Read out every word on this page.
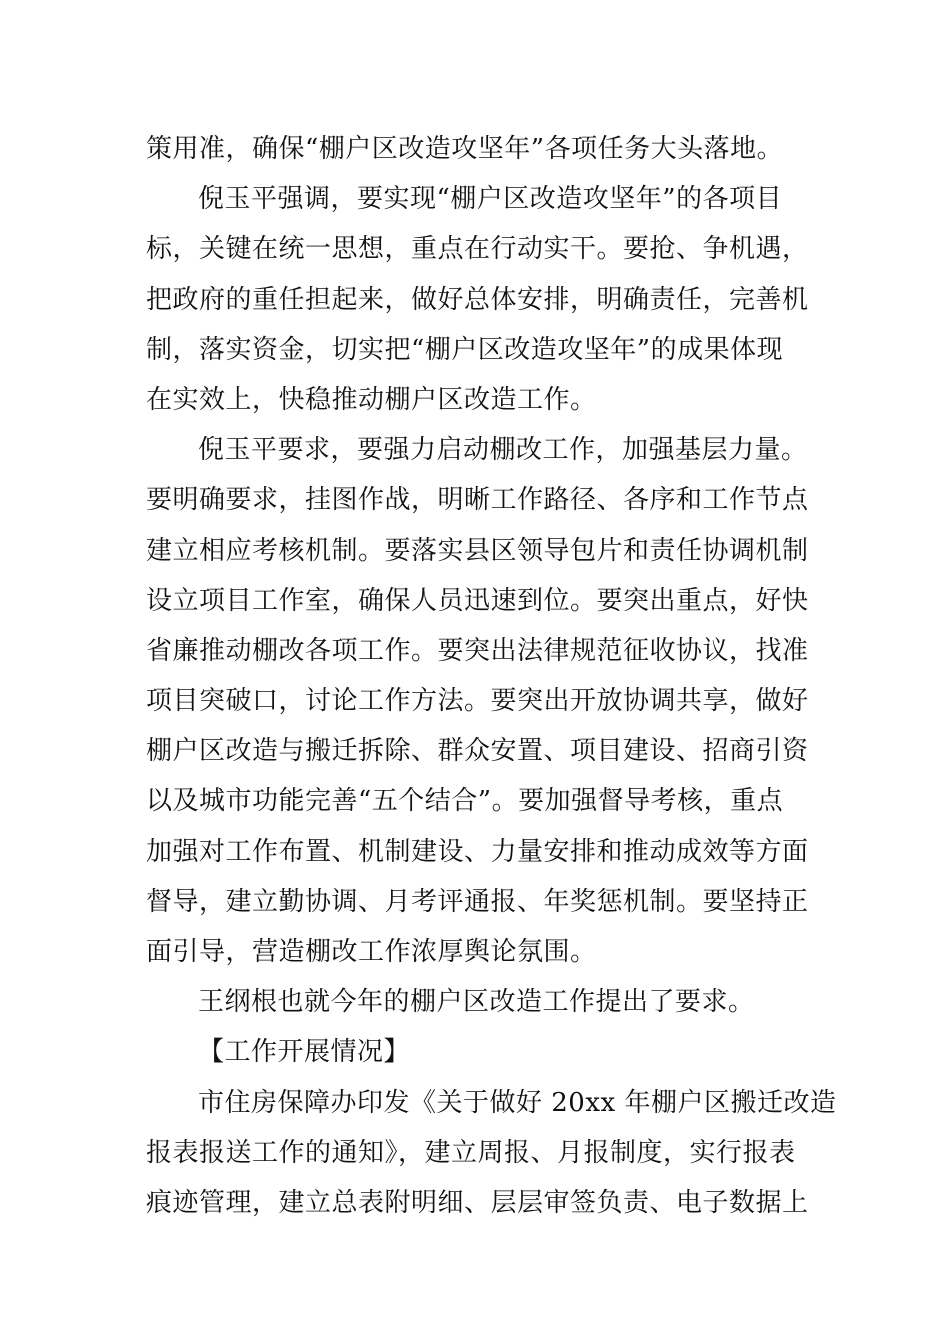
策用准，确保“棚户区改造攻坚年”各项任务大头落地。
倪玉平强调，要实现“棚户区改造攻坚年”的各项目
标，关键在统一思想，重点在行动实干。要抢、争机遇，
把政府的重任担起来，做好总体安排，明确责任，完善机
制，落实资金，切实把“棚户区改造攻坚年”的成果体现
在实效上，快稳推动棚户区改造工作。
倪玉平要求，要强力启动棚改工作，加强基层力量。
要明确要求，挂图作战，明晰工作路径、各序和工作节点
建立相应考核机制。要落实县区领导包片和责任协调机制
设立项目工作室，确保人员迅速到位。要突出重点，好快
省廉推动棚改各项工作。要突出法律规范征收协议，找准
项目突破口，讨论工作方法。要突出开放协调共享，做好
棚户区改造与搬迁拆除、群众安置、项目建设、招商引资
以及城市功能完善“五个结合”。要加强督导考核，重点
加强对工作布置、机制建设、力量安排和推动成效等方面
督导，建立勤协调、月考评通报、年奖惩机制。要坚持正
面引导，营造棚改工作浓厚舆论氛围。
王纲根也就今年的棚户区改造工作提出了要求。
【工作开展情况】
市住房保障办印发《关于做好 20xx 年棚户区搬迁改造
报表报送工作的通知》，建立周报、月报制度，实行报表
痕迹管理，建立总表附明细、层层审签负责、电子数据上
